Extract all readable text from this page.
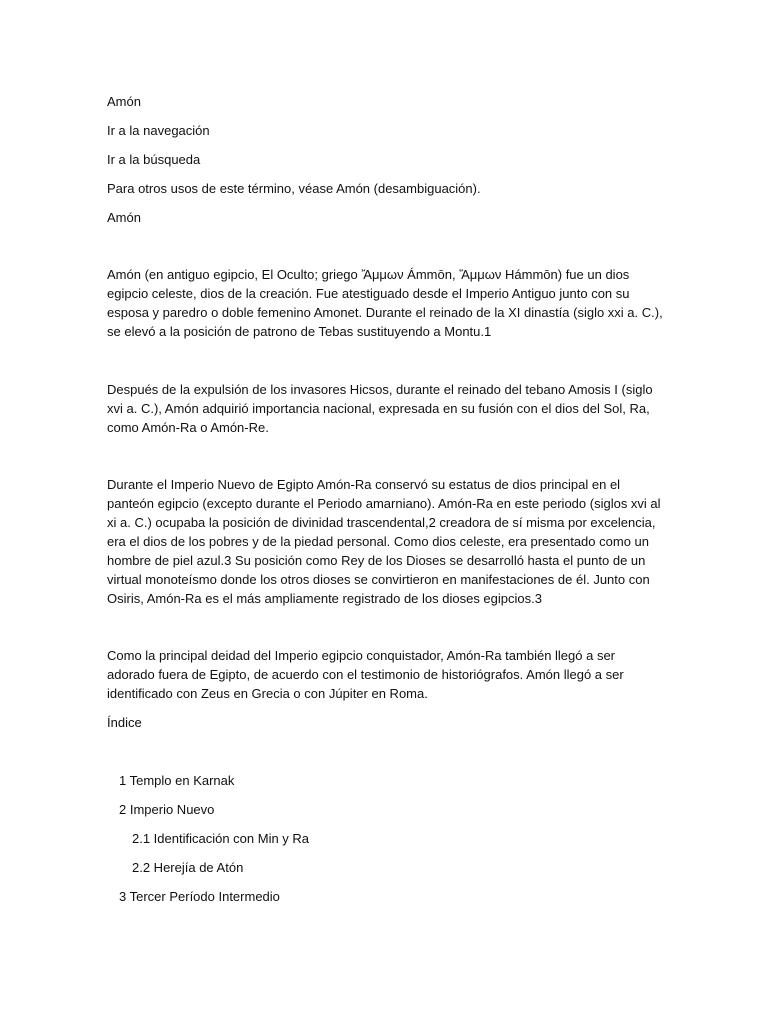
Amón
Ir a la navegación
Ir a la búsqueda
Para otros usos de este término, véase Amón (desambiguación).
Amón

Amón (en antiguo egipcio, El Oculto; griego Ἄμμων Ámmōn, Ἅμμων Hámmōn) fue un dios egipcio celeste, dios de la creación. Fue atestiguado desde el Imperio Antiguo junto con su esposa y paredro o doble femenino Amonet. Durante el reinado de la XI dinastía (siglo xxi a. C.), se elevó a la posición de patrono de Tebas sustituyendo a Montu.1

Después de la expulsión de los invasores Hicsos, durante el reinado del tebano Amosis I (siglo xvi a. C.), Amón adquirió importancia nacional, expresada en su fusión con el dios del Sol, Ra, como Amón-Ra o Amón-Re.

Durante el Imperio Nuevo de Egipto Amón-Ra conservó su estatus de dios principal en el panteón egipcio (excepto durante el Periodo amarniano). Amón-Ra en este periodo (siglos xvi al xi a. C.) ocupaba la posición de divinidad trascendental,2 creadora de sí misma por excelencia, era el dios de los pobres y de la piedad personal. Como dios celeste, era presentado como un hombre de piel azul.3 Su posición como Rey de los Dioses se desarrolló hasta el punto de un virtual monoteísmo donde los otros dioses se convirtieron en manifestaciones de él. Junto con Osiris, Amón-Ra es el más ampliamente registrado de los dioses egipcios.3

Como la principal deidad del Imperio egipcio conquistador, Amón-Ra también llegó a ser adorado fuera de Egipto, de acuerdo con el testimonio de historiógrafos. Amón llegó a ser identificado con Zeus en Grecia o con Júpiter en Roma.

Índice
1 Templo en Karnak
2 Imperio Nuevo
2.1 Identificación con Min y Ra
2.2 Herejía de Atón
3 Tercer Período Intermedio
